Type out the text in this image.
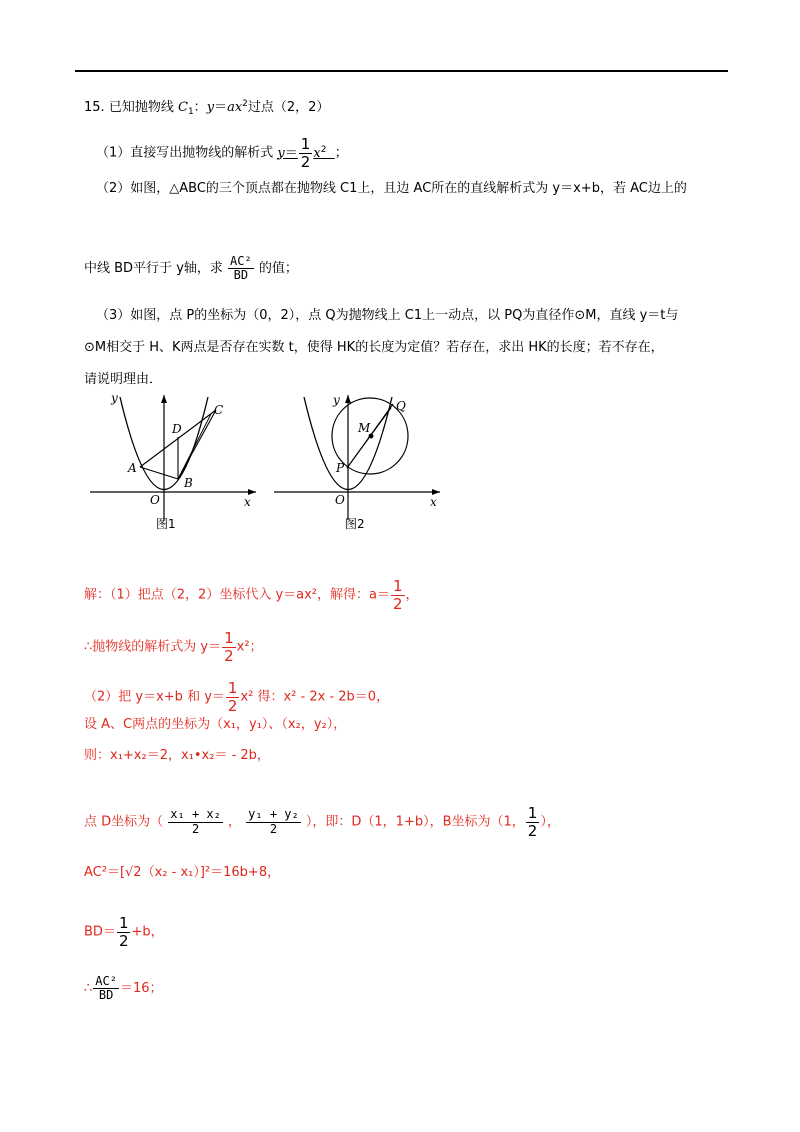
15. 已知抛物线 $C_1$：$y=ax^2$过点（2，2）
（1）直接写出抛物线的解析式 $y= \frac{1}{2} x^2$ ；
（2）如图，△ABC的三个顶点都在抛物线 C1上，且边 AC所在的直线解析式为 y＝x+b，若 AC边上的
中线 BD平行于 y轴，求 $\frac{\text{AC²}}{BD}$ 的值；
（3）如图，点 P的坐标为（0，2），点 Q为抛物线上 C1上一动点，以 PQ为直径作⊙M，直线 y＝t与
⊙M相交于 H、K两点是否存在实数 t，使得 HK的长度为定值？若存在，求出 HK的长度；若不存在，
请说明理由．
y
x
O
A
B
C
D
图1
y
x
O
P
Q
M
图2
解：（1）把点（2，2）坐标代入 y＝ax²，解得：$a= \frac{1}{2}$ ，
∴抛物线的解析式为 $y= \frac{1}{2} x^2$；
（2）把 y＝x+b 和 $y= \frac{1}{2} x^2$ 得：x² - 2x - 2b＝0，
设 A、C两点的坐标为（x₁，y₁）、（x₂，y₂），
则：x₁+x₂＝2，x₁•x₂＝ - 2b，
点 D坐标为（ $\frac{\text{x₁ + x₂}}{2}$ ， $\frac{\text{y₁ + y₂}}{2}$ ），即：D（1，1+b），B坐标为（1， $\frac{1}{2}$ ），
AC²＝[√2（x₂ - x₁）]²＝16b+8，
$BD= \frac{1}{2} +b$，
∴ $\frac{\text{AC²}}{BD} =16$；
